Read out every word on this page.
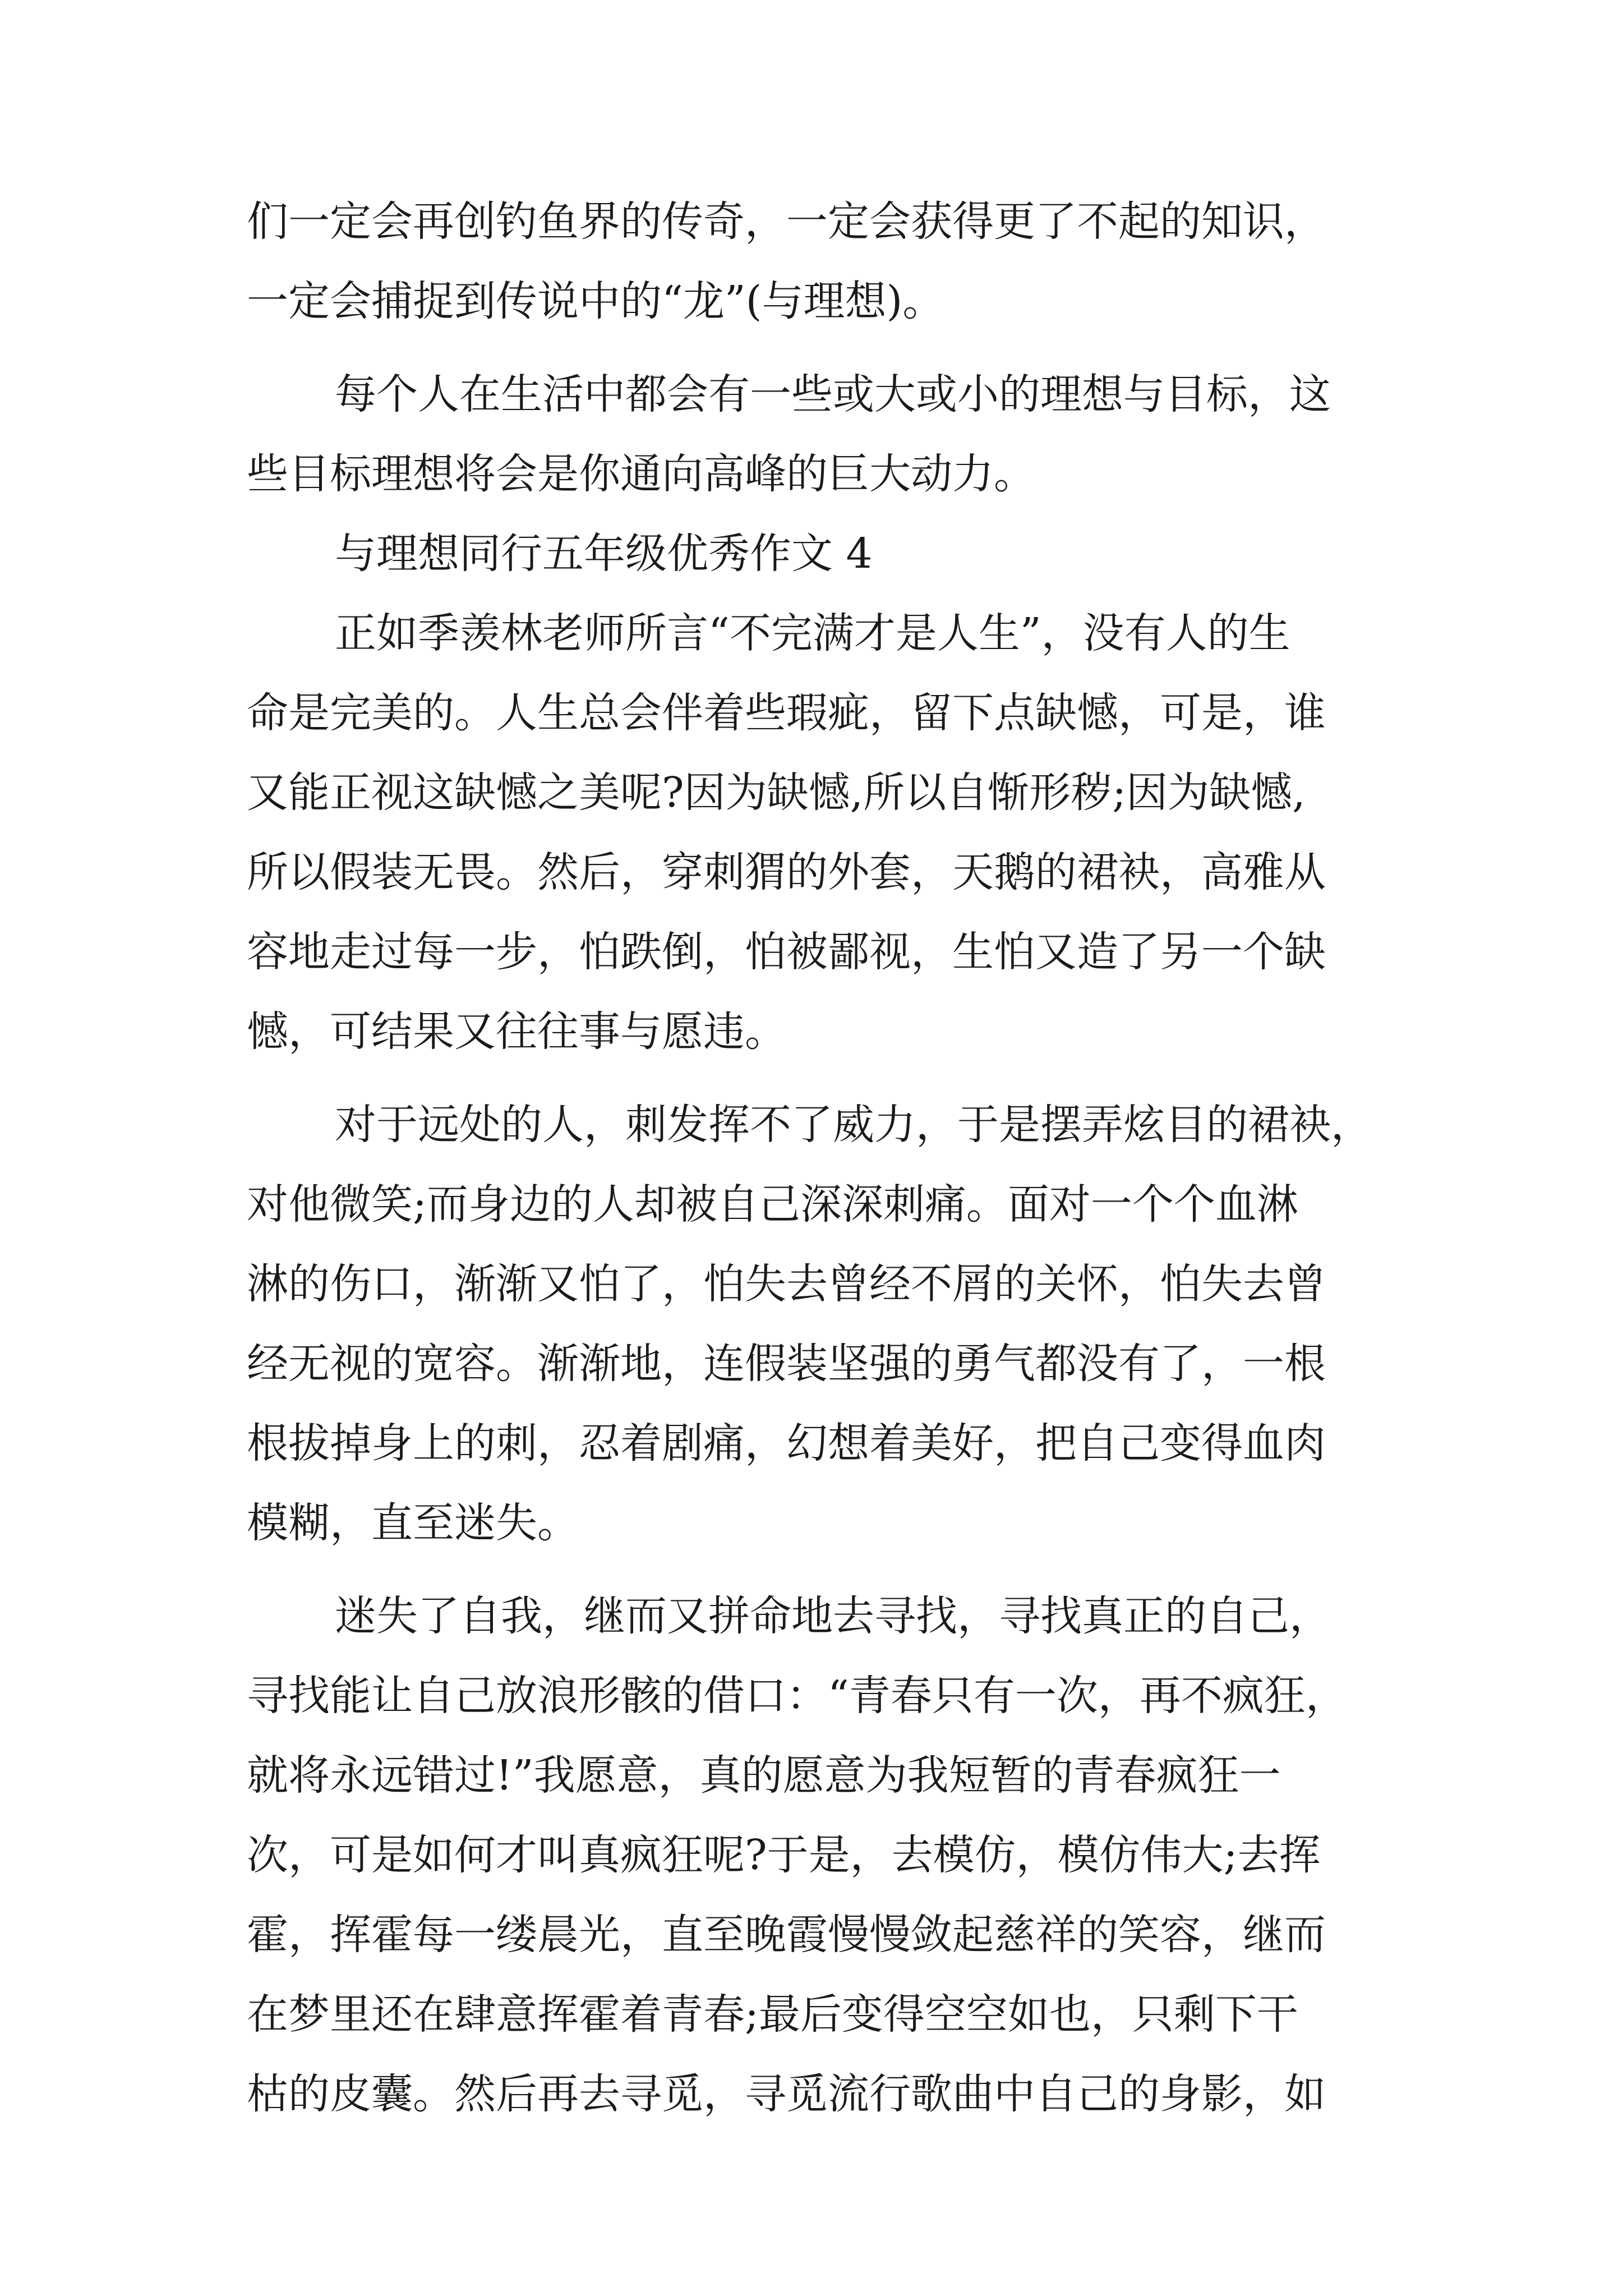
们一定会再创钓鱼界的传奇，一定会获得更了不起的知识，

一定会捕捉到传说中的“龙”(与理想)。

每个人在生活中都会有一些或大或小的理想与目标，这

些目标理想将会是你通向高峰的巨大动力。

与理想同行五年级优秀作文 4

正如季羡林老师所言“不完满才是人生”，没有人的生

命是完美的。人生总会伴着些瑕疵，留下点缺憾，可是，谁

又能正视这缺憾之美呢?因为缺憾,所以自惭形秽;因为缺憾,

所以假装无畏。然后，穿刺猬的外套，天鹅的裙袂，高雅从

容地走过每一步，怕跌倒，怕被鄙视，生怕又造了另一个缺

憾，可结果又往往事与愿违。

对于远处的人，刺发挥不了威力，于是摆弄炫目的裙袂，

对他微笑;而身边的人却被自己深深刺痛。面对一个个血淋

淋的伤口，渐渐又怕了，怕失去曾经不屑的关怀，怕失去曾

经无视的宽容。渐渐地，连假装坚强的勇气都没有了，一根

根拔掉身上的刺，忍着剧痛，幻想着美好，把自己变得血肉

模糊，直至迷失。

迷失了自我，继而又拼命地去寻找，寻找真正的自己，

寻找能让自己放浪形骸的借口：“青春只有一次，再不疯狂，

就将永远错过!”我愿意，真的愿意为我短暂的青春疯狂一

次，可是如何才叫真疯狂呢?于是，去模仿，模仿伟大;去挥

霍，挥霍每一缕晨光，直至晚霞慢慢敛起慈祥的笑容，继而

在梦里还在肆意挥霍着青春;最后变得空空如也，只剩下干

枯的皮囊。然后再去寻觅，寻觅流行歌曲中自己的身影，如
